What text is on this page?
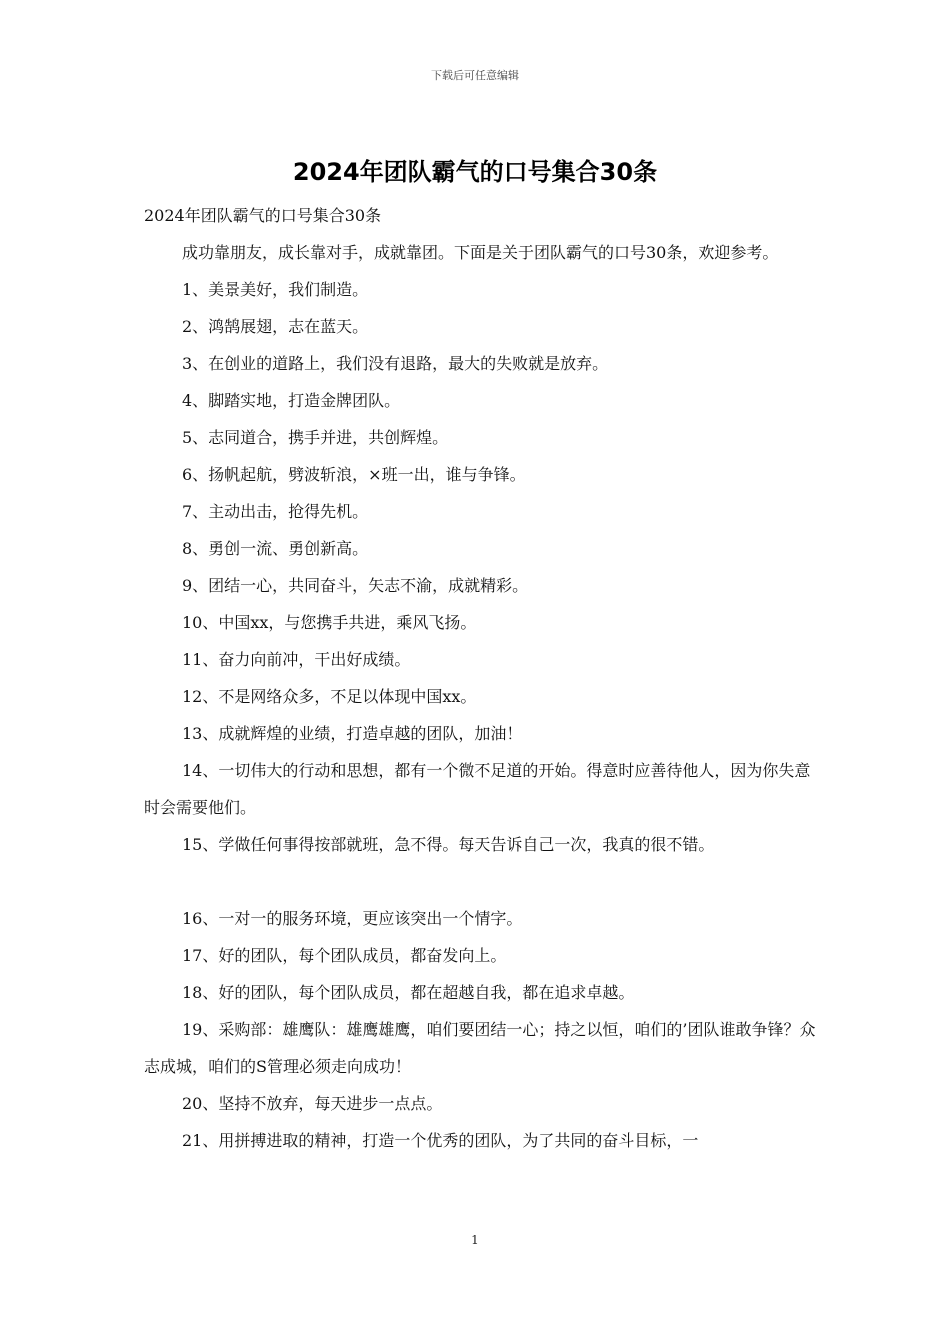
下载后可任意编辑
2024年团队霸气的口号集合30条

2024年团队霸气的口号集合30条

成功靠朋友，成长靠对手，成就靠团。下面是关于团队霸气的口号30条，欢迎参考。

1、美景美好，我们制造。

2、鸿鹄展翅，志在蓝天。

3、在创业的道路上，我们没有退路，最大的失败就是放弃。

4、脚踏实地，打造金牌团队。

5、志同道合，携手并进，共创辉煌。

6、扬帆起航，劈波斩浪，×班一出，谁与争锋。

7、主动出击，抢得先机。

8、勇创一流、勇创新高。

9、团结一心，共同奋斗，矢志不渝，成就精彩。

10、中国xx，与您携手共进，乘风飞扬。

11、奋力向前冲，干出好成绩。

12、不是网络众多，不足以体现中国xx。

13、成就辉煌的业绩，打造卓越的团队，加油！

14、一切伟大的行动和思想，都有一个微不足道的开始。得意时应善待他人，因为你失意时会需要他们。

15、学做任何事得按部就班，急不得。每天告诉自己一次，我真的很不错。

16、一对一的服务环境，更应该突出一个情字。

17、好的团队，每个团队成员，都奋发向上。

18、好的团队，每个团队成员，都在超越自我，都在追求卓越。

19、采购部：雄鹰队：雄鹰雄鹰，咱们要团结一心；持之以恒，咱们的’团队谁敢争锋？众志成城，咱们的S管理必须走向成功！

20、坚持不放弃，每天进步一点点。

21、用拼搏进取的精神，打造一个优秀的团队，为了共同的奋斗目标，一

1
